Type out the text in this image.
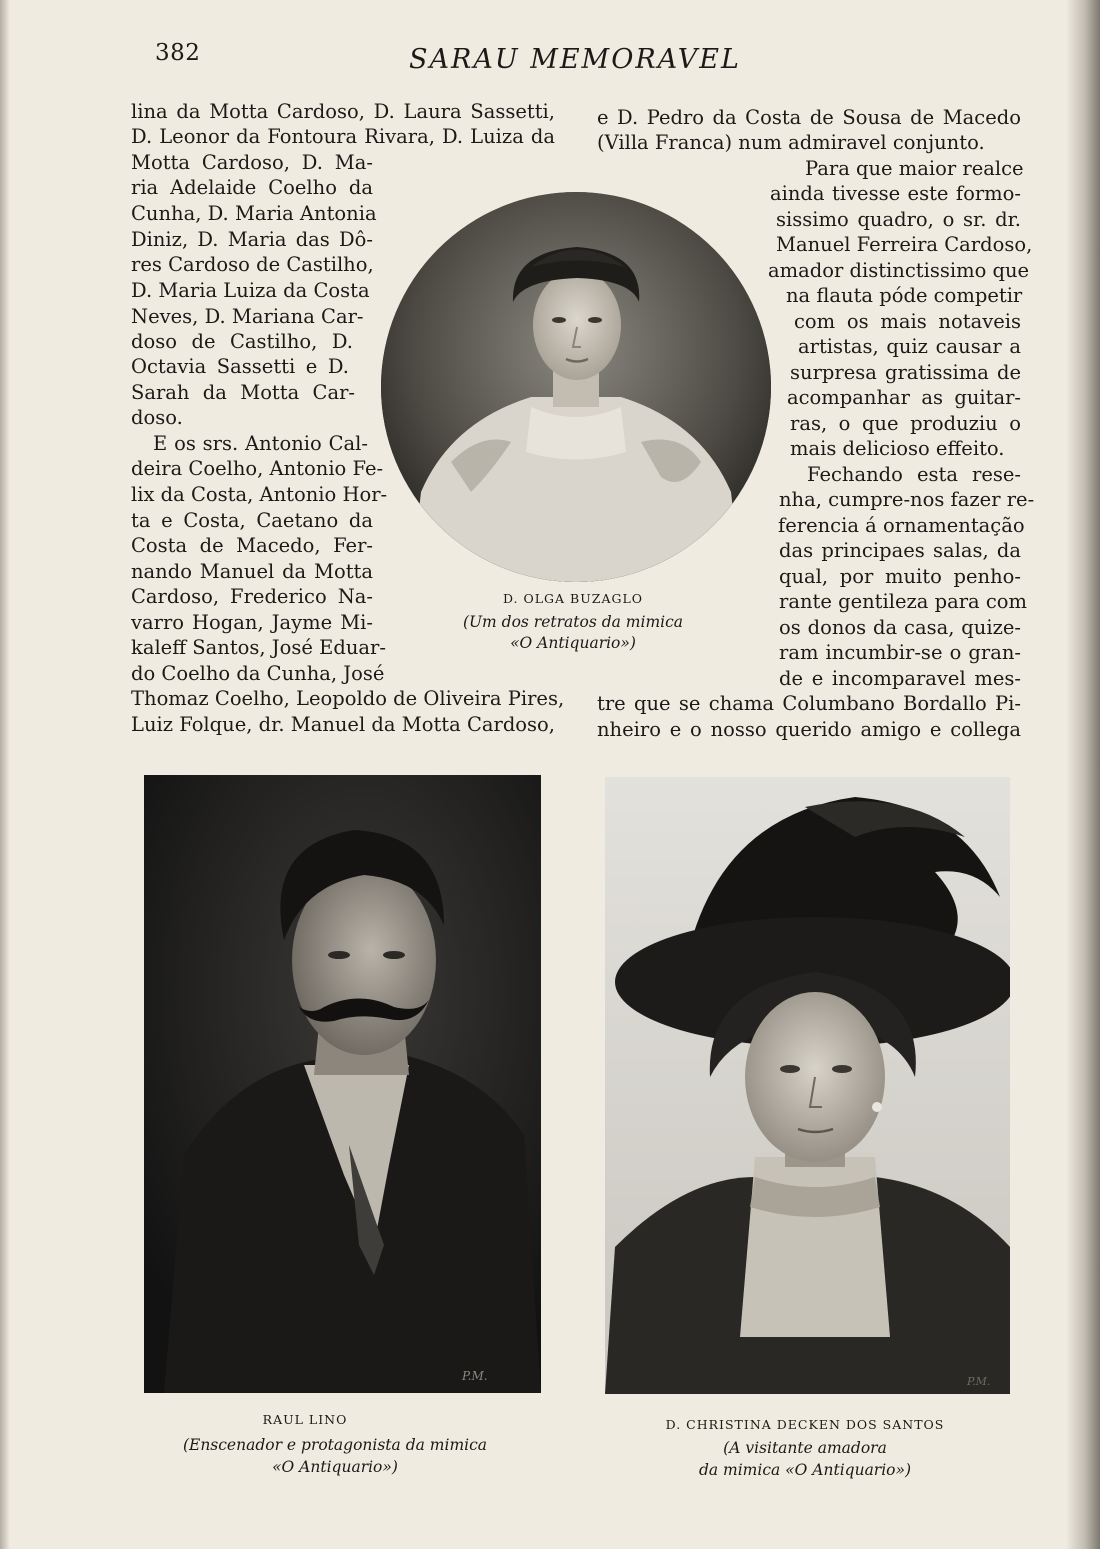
382	SARAU MEMORAVEL
lina da Motta Cardoso, D. Laura Sassetti,
D. Leonor da Fontoura Rivara, D. Luiza da
Motta Cardoso, D. Ma-
ria Adelaide Coelho da
Cunha, D. Maria Antonia
Diniz, D. Maria das Dô-
res Cardoso de Castilho,
D. Maria Luiza da Costa
Neves, D. Mariana Car-
doso de Castilho, D.
Octavia Sassetti e D.
Sarah da Motta Car-
doso.
E os srs. Antonio Cal-
deira Coelho, Antonio Fe-
lix da Costa, Antonio Hor-
ta e Costa, Caetano da
Costa de Macedo, Fer-
nando Manuel da Motta
Cardoso, Frederico Na-
varro Hogan, Jayme Mi-
kaleff Santos, José Eduar-
do Coelho da Cunha, José
Thomaz Coelho, Leopoldo de Oliveira Pires,
Luiz Folque, dr. Manuel da Motta Cardoso,
e D. Pedro da Costa de Sousa de Macedo
(Villa Franca) num admiravel conjunto.
Para que maior realce
ainda tivesse este formo-
sissimo quadro, o sr. dr.
Manuel Ferreira Cardoso,
amador distinctissimo que
na flauta póde competir
com os mais notaveis
artistas, quiz causar a
surpresa gratissima de
acompanhar as guitar-
ras, o que produziu o
mais delicioso effeito.
Fechando esta rese-
nha, cumpre-nos fazer re-
ferencia á ornamentação
das principaes salas, da
qual, por muito penho-
rante gentileza para com
os donos da casa, quize-
ram incumbir-se o gran-
de e incomparavel mes-
tre que se chama Columbano Bordallo Pi-
nheiro e o nosso querido amigo e collega
D. OLGA BUZAGLO
(Um dos retratos da mimica
«O Antiquario»)
P.M.
RAUL LINO
(Enscenador e protagonista da mimica
«O Antiquario»)
P.M.
D. CHRISTINA DECKEN DOS SANTOS
(A visitante amadora
da mimica «O Antiquario»)
